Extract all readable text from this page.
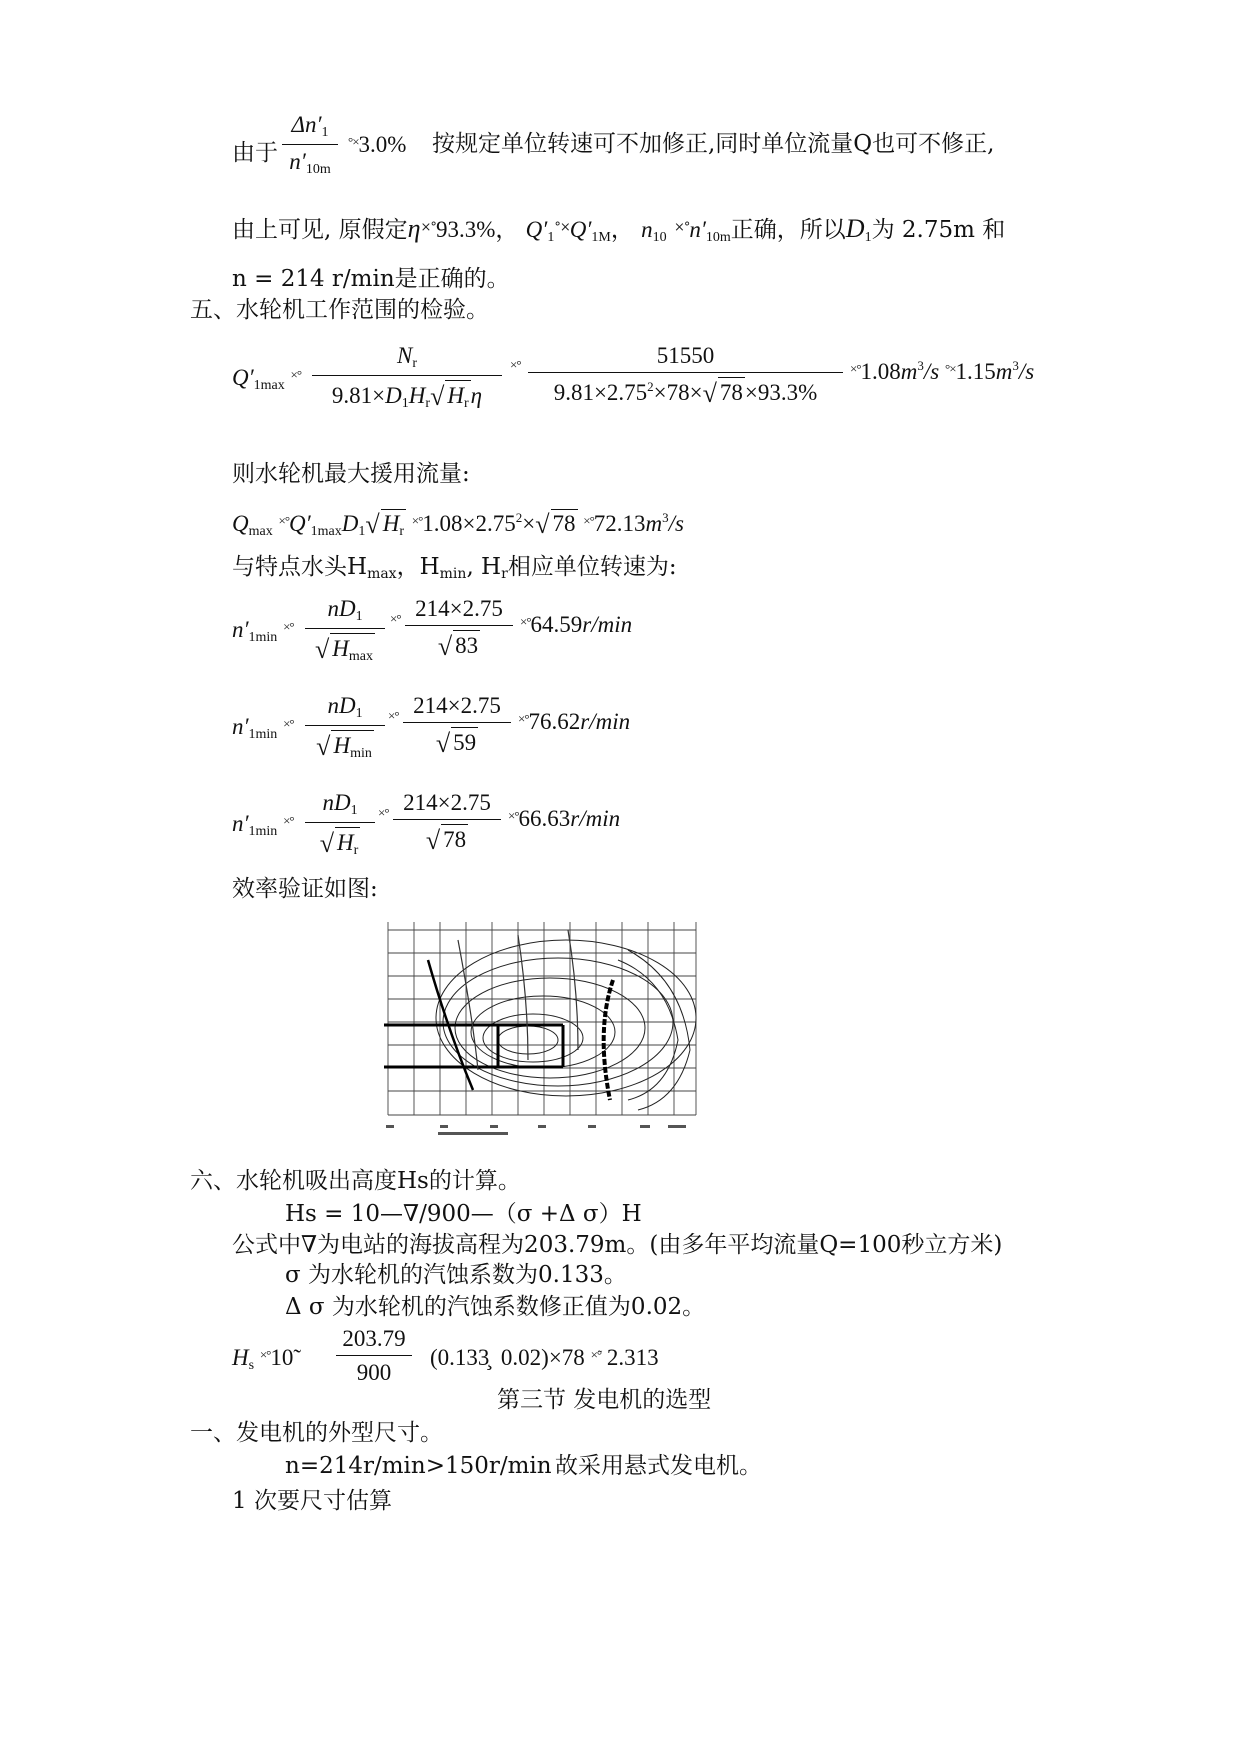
由于 $\frac{\Delta n'_1}{n'_{10m}} ^{^\circ\times}3.0\%$ 按规定单位转速可不加修正,同时单位流量Q也可不修正,
由上可见, 原假定η×°93.3%， $Q'_1^{^\circ\times}Q'_{1M}$， $n_{10}$ $^{\times^\circ}n'_{10m}$正确，所以$D_1$为 2.75m 和
n = 214 r/min是正确的。
五、水轮机工作范围的检验。
$Q'_{1max}$ ×°
$N_r$
$9.81\times D_1H_r√$ $H_r\eta$
$^{\times^\circ} \frac{51550}{9.81\times 2.75^2\times 78\times√ 78\times 93.3\%} ^{\times^\circ}1.08m^3/s$ $^{^\circ\times}1.15m^3/s$
则水轮机最大援用流量:
$Q_{max}$ $^{\times^\circ}Q'_{1max}D_1√$ $H_r$ $^{\times^\circ}1.08\times 2.75^2\times√$ 78 $^{\times^\circ}72.13m^3/s$
与特点水头$H_{max}$，$H_{min}$, $H_r$相应单位转速为:
$n'_{1min}$ ×°
$nD_1$
√ $H_{max}$
$^{\times^\circ} \frac{214\times 2.75}{√ 83} ^{\times^\circ}64.59r/\min$
$n'_{1min}$ ×°
$nD_1$
√ $H_{min}$
$^{\times^\circ} \frac{214\times 2.75}{√ 59} ^{\times^\circ}76.62r/\min$
$n'_{1min}$ $^{\times^\circ} \frac{nD_1}{√ H_r} ^{\times^\circ} \frac{214\times 2.75}{√ 78} ^{\times^\circ}66.63r/\min$
效率验证如图:
六、水轮机吸出高度Hs的计算。
Hs = 10—∇/900—（σ +Δ σ）H
公式中∇为电站的海拔高程为203.79m。(由多年平均流量Q=100秒立方米)
σ 为水轮机的汽蚀系数为0.133。
Δ σ 为水轮机的汽蚀系数修正值为0.02。
$H_s$ ×°10̃ $\frac{203.79}{900}$ (0.133̧ 0.02)×78 ×̃° 2.313
第三节 发电机的选型
一、发电机的外型尺寸。
n=214r/min>150r/min 故采用悬式发电机。
1 次要尺寸估算
